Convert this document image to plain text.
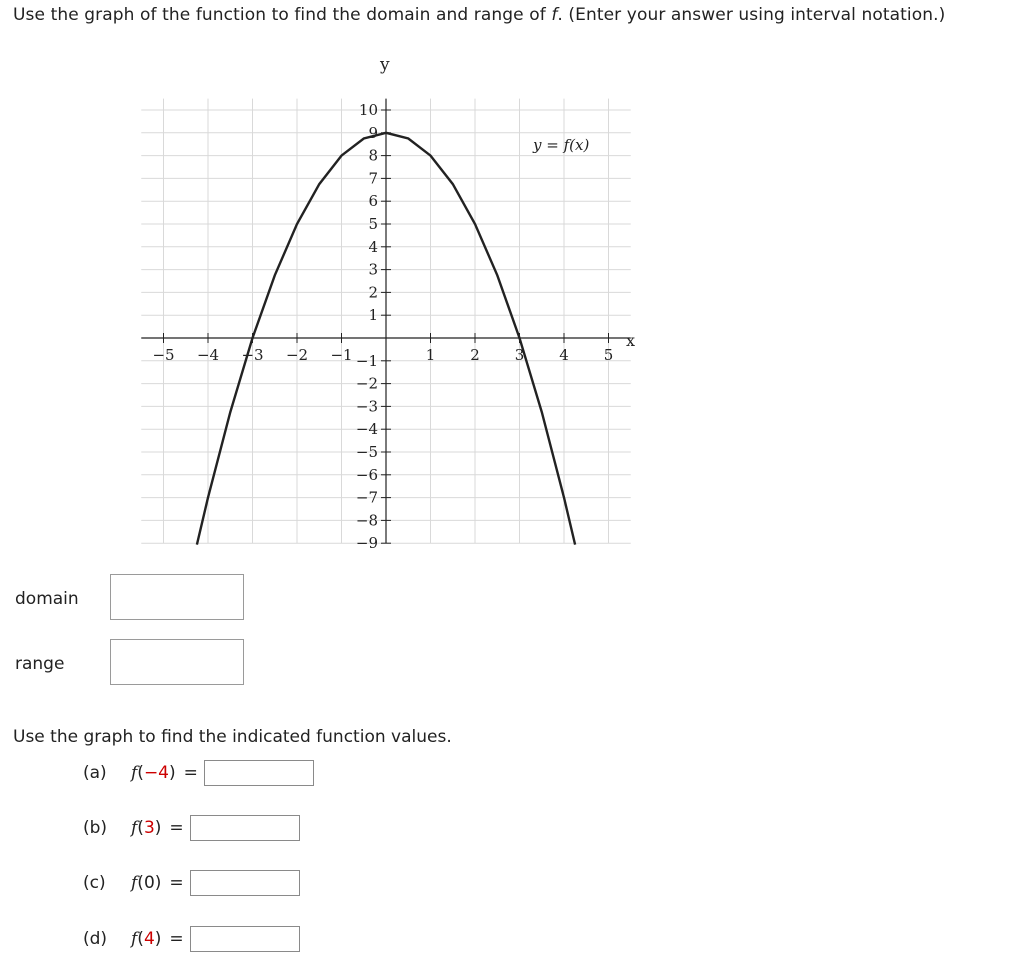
Use the graph of the function to find the domain and range of f. (Enter your answer using interval notation.)
−5 −4 −3 −2 −1	1 2 3 4 5
−9
−8
−7
−6
−5
−4
−3
−2
−1
1
2
3
4
5
6
7
8
9
10
y = f(x)
x
y
domain
range
Use the graph to find the indicated function values.
(a)	f ( −4 ) =
(b)	f ( 3 ) =
(c)	f ( 0 ) =
(d)	f ( 4 ) =
